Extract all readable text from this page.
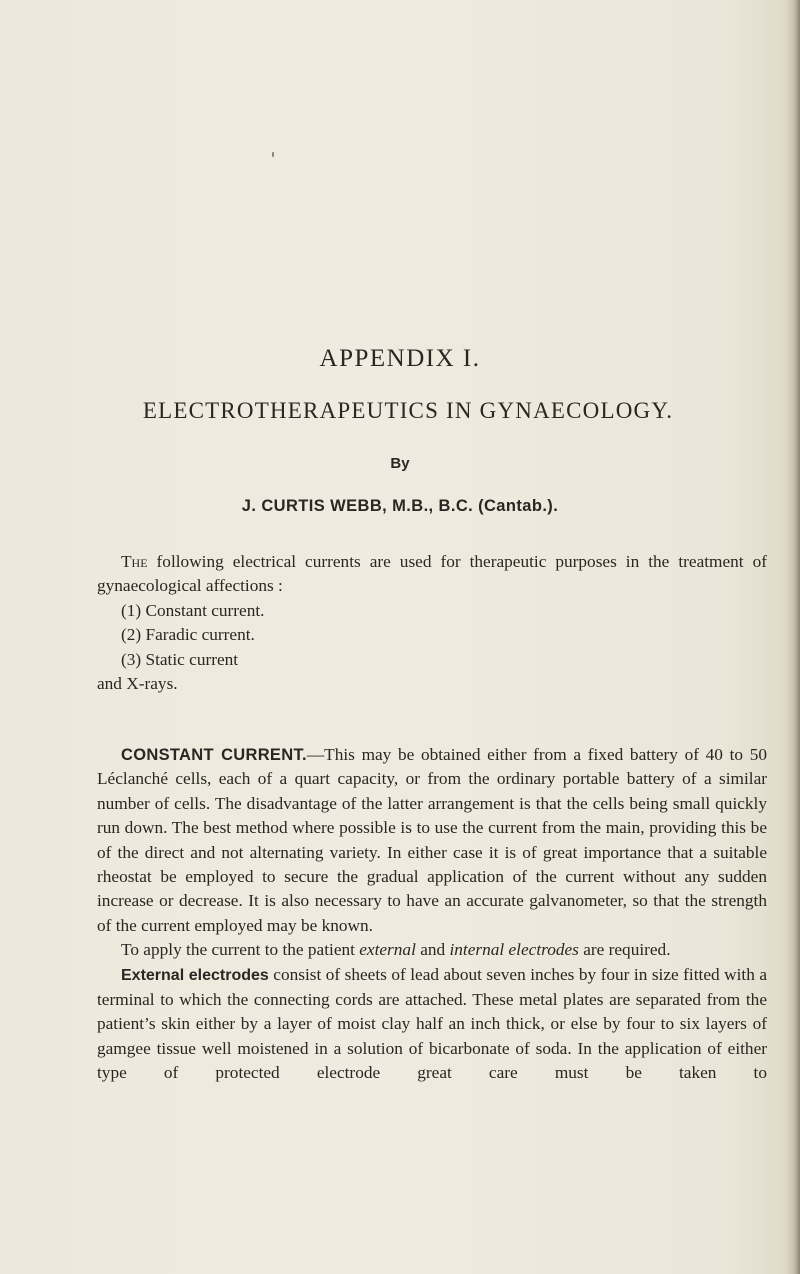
APPENDIX I.
ELECTROTHERAPEUTICS IN GYNAECOLOGY.
By
J. CURTIS WEBB, M.B., B.C. (Cantab.).

The following electrical currents are used for therapeutic purposes in the treatment of gynaecological affections :

(1) Constant current.

(2) Faradic current.

(3) Static current

and X-rays.

CONSTANT CURRENT.—This may be obtained either from a fixed battery of 40 to 50 Léclanché cells, each of a quart capacity, or from the ordinary portable battery of a similar number of cells. The disadvantage of the latter arrangement is that the cells being small quickly run down. The best method where possible is to use the current from the main, providing this be of the direct and not alternating variety. In either case it is of great importance that a suitable rheostat be employed to secure the gradual application of the current without any sudden increase or decrease. It is also necessary to have an accurate galvanometer, so that the strength of the current employed may be known.

To apply the current to the patient external and internal electrodes are required.

External electrodes consist of sheets of lead about seven inches by four in size fitted with a terminal to which the connecting cords are attached. These metal plates are separated from the patient’s skin either by a layer of moist clay half an inch thick, or else by four to six layers of gamgee tissue well moistened in a solution of bicarbonate of soda. In the application of either type of protected electrode great care must be taken to
